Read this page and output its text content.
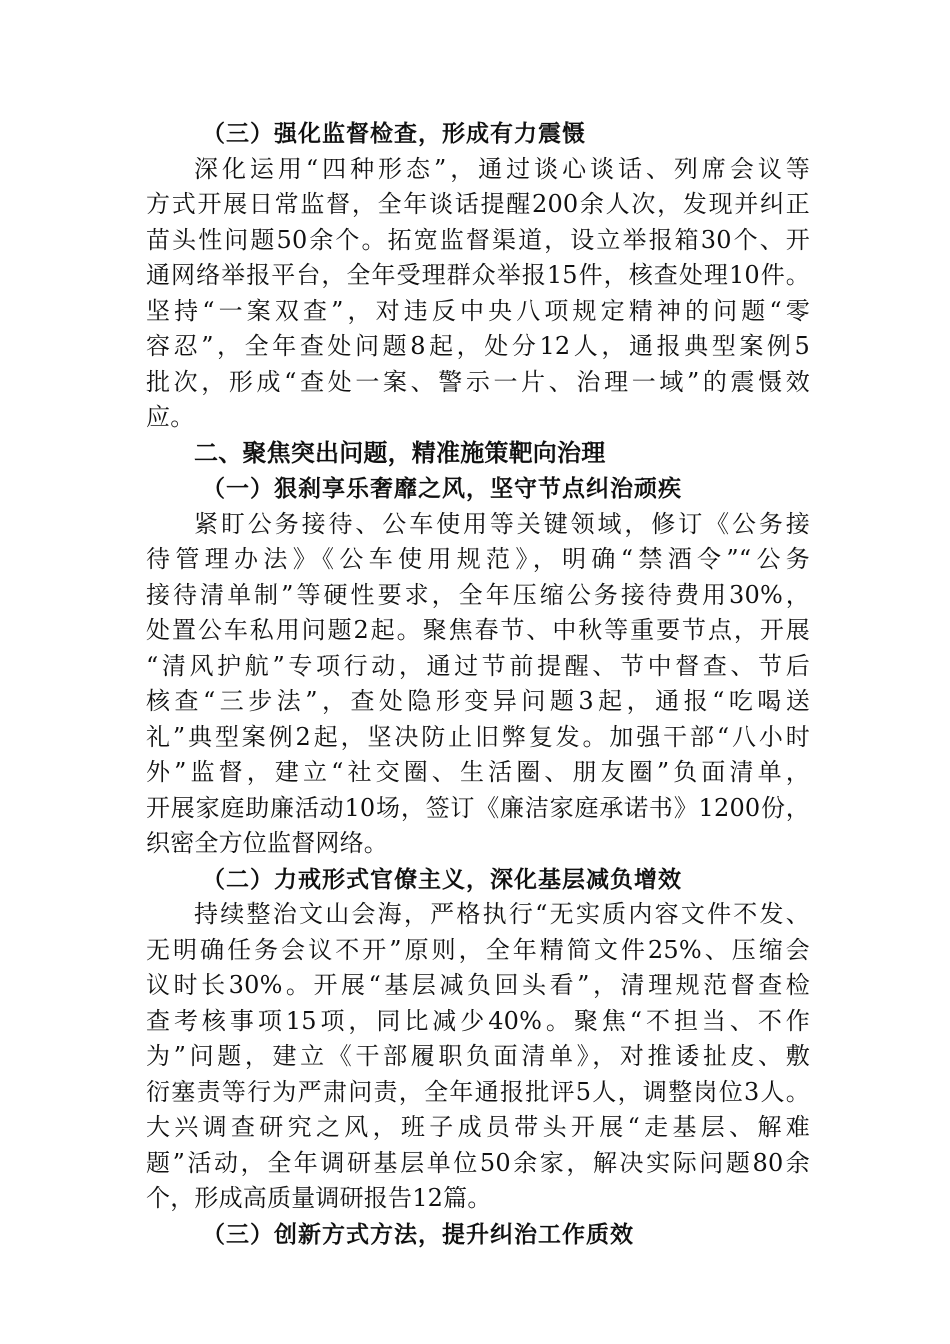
（三）强化监督检查，形成有力震慑
深化运用“四种形态”，通过谈心谈话、列席会议等
方式开展日常监督，全年谈话提醒200余人次，发现并纠正
苗头性问题50余个。拓宽监督渠道，设立举报箱30个、开
通网络举报平台，全年受理群众举报15件，核查处理10件。
坚持“一案双查”，对违反中央八项规定精神的问题“零
容忍”，全年查处问题8起，处分12人，通报典型案例5
批次，形成“查处一案、警示一片、治理一域”的震慑效
应。
二、聚焦突出问题，精准施策靶向治理
（一）狠刹享乐奢靡之风，坚守节点纠治顽疾
紧盯公务接待、公车使用等关键领域，修订《公务接
待管理办法》《公车使用规范》，明确“禁酒令”“公务
接待清单制”等硬性要求，全年压缩公务接待费用30%，
处置公车私用问题2起。聚焦春节、中秋等重要节点，开展
“清风护航”专项行动，通过节前提醒、节中督查、节后
核查“三步法”，查处隐形变异问题3起，通报“吃喝送
礼”典型案例2起，坚决防止旧弊复发。加强干部“八小时
外”监督，建立“社交圈、生活圈、朋友圈”负面清单，
开展家庭助廉活动10场，签订《廉洁家庭承诺书》1200份，
织密全方位监督网络。
（二）力戒形式官僚主义，深化基层减负增效
持续整治文山会海，严格执行“无实质内容文件不发、
无明确任务会议不开”原则，全年精简文件25%、压缩会
议时长30%。开展“基层减负回头看”，清理规范督查检
查考核事项15项，同比减少40%。聚焦“不担当、不作
为”问题，建立《干部履职负面清单》，对推诿扯皮、敷
衍塞责等行为严肃问责，全年通报批评5人，调整岗位3人。
大兴调查研究之风，班子成员带头开展“走基层、解难
题”活动，全年调研基层单位50余家，解决实际问题80余
个，形成高质量调研报告12篇。
（三）创新方式方法，提升纠治工作质效
